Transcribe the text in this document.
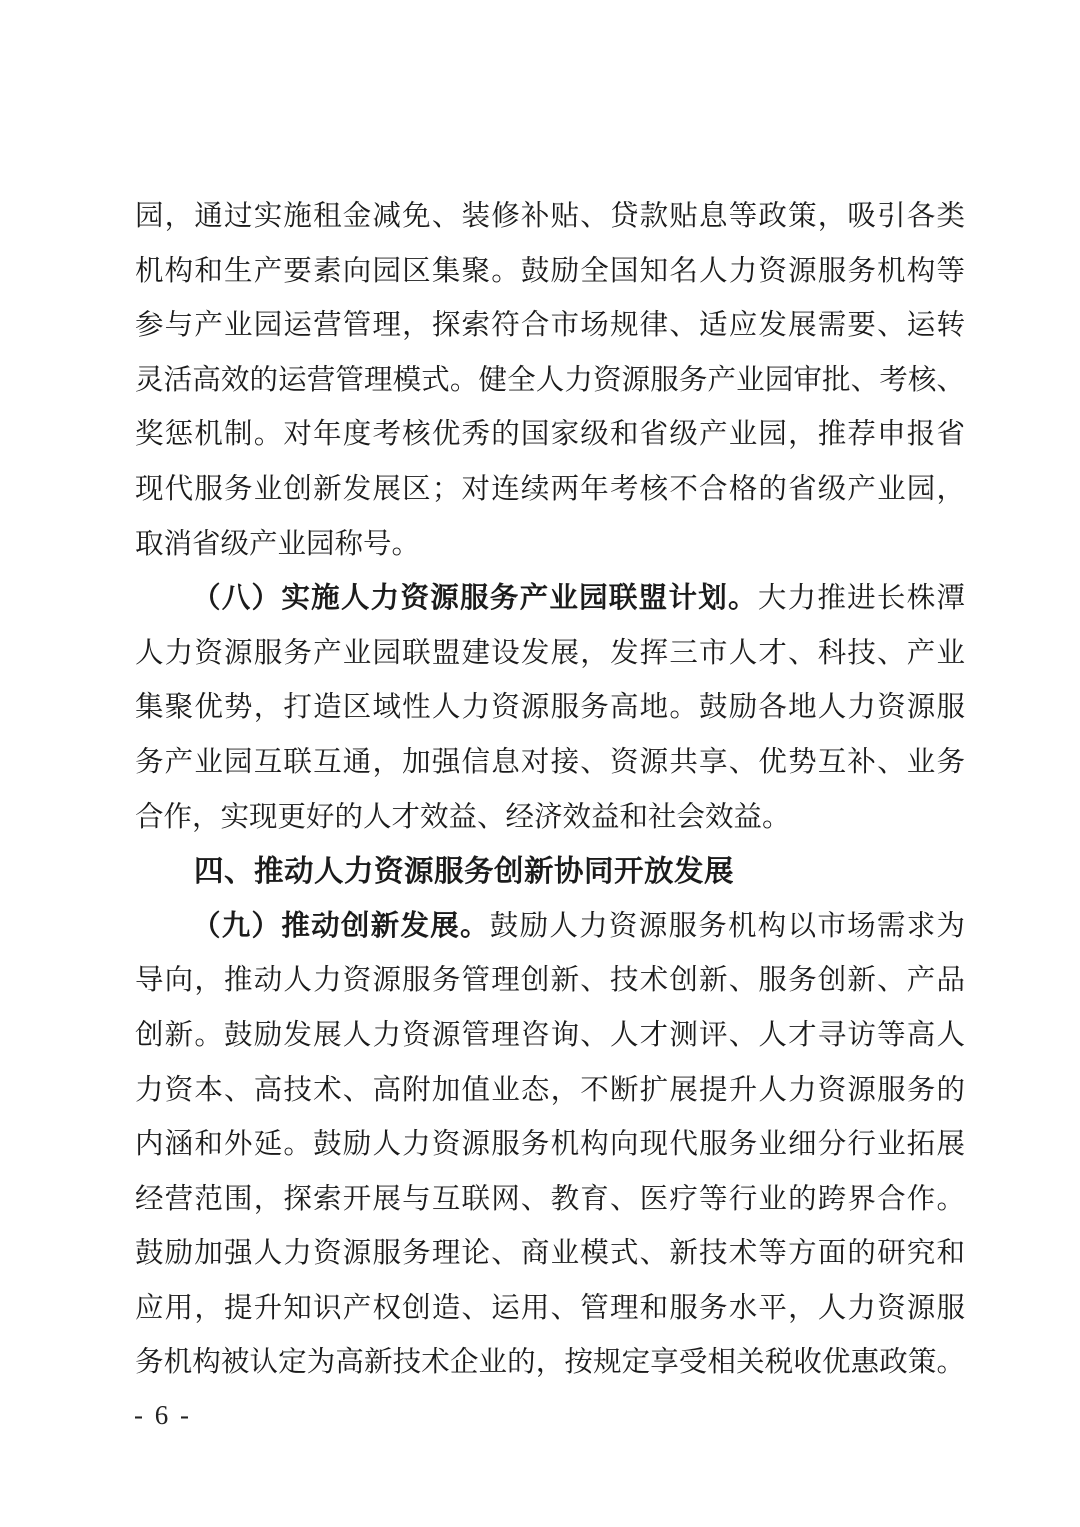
园，通过实施租金减免、装修补贴、贷款贴息等政策，吸引各类
机构和生产要素向园区集聚。鼓励全国知名人力资源服务机构等
参与产业园运营管理，探索符合市场规律、适应发展需要、运转
灵活高效的运营管理模式。健全人力资源服务产业园审批、考核、
奖惩机制。对年度考核优秀的国家级和省级产业园，推荐申报省
现代服务业创新发展区；对连续两年考核不合格的省级产业园，
取消省级产业园称号。
（八）实施人力资源服务产业园联盟计划。大力推进长株潭
人力资源服务产业园联盟建设发展，发挥三市人才、科技、产业
集聚优势，打造区域性人力资源服务高地。鼓励各地人力资源服
务产业园互联互通，加强信息对接、资源共享、优势互补、业务
合作，实现更好的人才效益、经济效益和社会效益。
四、推动人力资源服务创新协同开放发展
（九）推动创新发展。鼓励人力资源服务机构以市场需求为
导向，推动人力资源服务管理创新、技术创新、服务创新、产品
创新。鼓励发展人力资源管理咨询、人才测评、人才寻访等高人
力资本、高技术、高附加值业态，不断扩展提升人力资源服务的
内涵和外延。鼓励人力资源服务机构向现代服务业细分行业拓展
经营范围，探索开展与互联网、教育、医疗等行业的跨界合作。
鼓励加强人力资源服务理论、商业模式、新技术等方面的研究和
应用，提升知识产权创造、运用、管理和服务水平，人力资源服
务机构被认定为高新技术企业的，按规定享受相关税收优惠政策。
- 6 -
